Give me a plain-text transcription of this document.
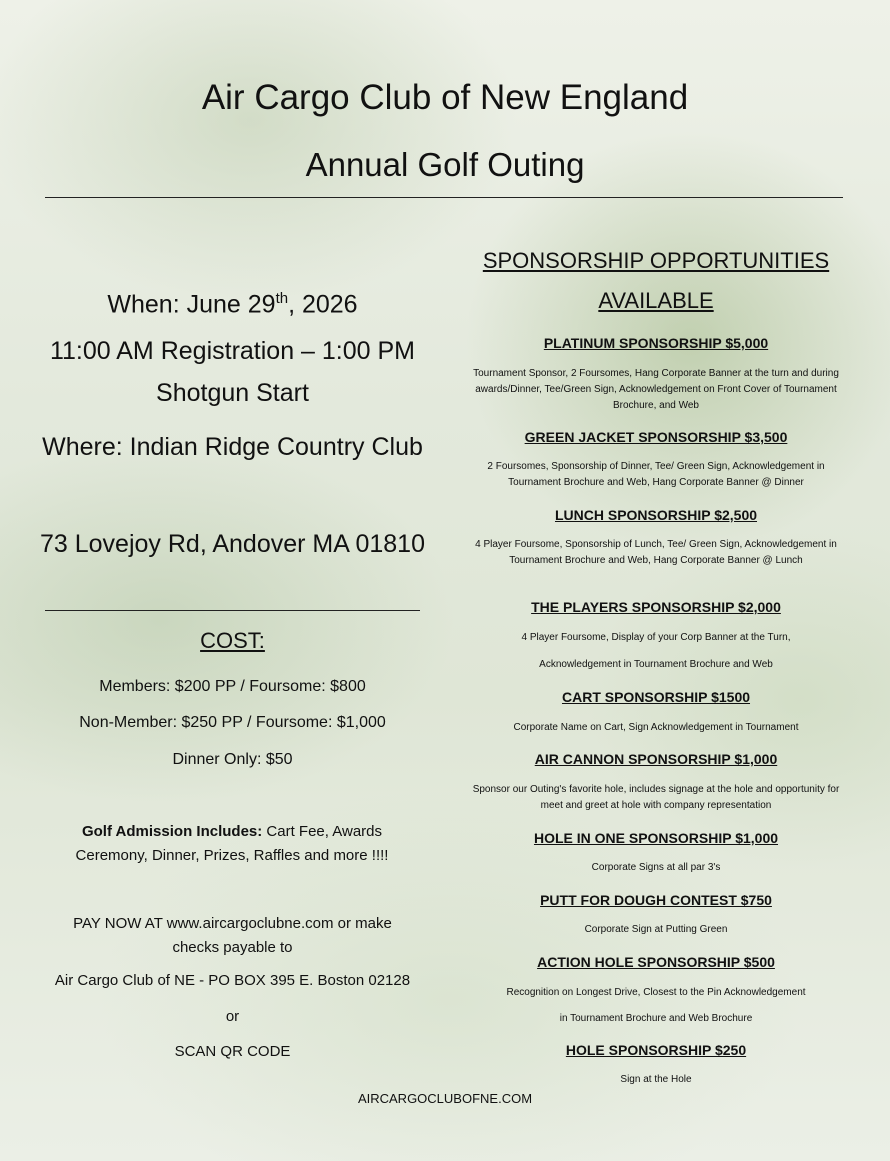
Air Cargo Club of New England
Annual Golf Outing
When: June 29th, 2026
11:00 AM Registration – 1:00 PM Shotgun Start
Where: Indian Ridge Country Club
73 Lovejoy Rd, Andover MA 01810
COST:
Members: $200 PP / Foursome: $800
Non-Member: $250 PP / Foursome: $1,000
Dinner Only: $50
Golf Admission Includes: Cart Fee, Awards Ceremony, Dinner, Prizes, Raffles and more !!!!
PAY NOW AT www.aircargoclubne.com or make checks payable to
Air Cargo Club of NE - PO BOX 395 E. Boston 02128
or
SCAN QR CODE
SPONSORSHIP OPPORTUNITIES AVAILABLE
PLATINUM SPONSORSHIP $5,000
Tournament Sponsor, 2 Foursomes, Hang Corporate Banner at the turn and during awards/Dinner, Tee/Green Sign, Acknowledgement on Front Cover of Tournament Brochure, and Web
GREEN JACKET SPONSORSHIP $3,500
2 Foursomes, Sponsorship of Dinner, Tee/ Green Sign, Acknowledgement in Tournament Brochure and Web, Hang Corporate Banner @ Dinner
LUNCH SPONSORSHIP $2,500
4 Player Foursome, Sponsorship of Lunch, Tee/ Green Sign, Acknowledgement in Tournament Brochure and Web, Hang Corporate Banner @ Lunch
THE PLAYERS SPONSORSHIP $2,000
4 Player Foursome, Display of your Corp Banner at the Turn,
Acknowledgement in Tournament Brochure and Web
CART SPONSORSHIP $1500
Corporate Name on Cart, Sign Acknowledgement in Tournament
AIR CANNON SPONSORSHIP $1,000
Sponsor our Outing's favorite hole, includes signage at the hole and opportunity for meet and greet at hole with company representation
HOLE IN ONE SPONSORSHIP $1,000
Corporate Signs at all par 3's
PUTT FOR DOUGH CONTEST $750
Corporate Sign at Putting Green
ACTION HOLE SPONSORSHIP $500
Recognition on Longest Drive, Closest to the Pin Acknowledgement
in Tournament Brochure and Web Brochure
HOLE SPONSORSHIP $250
Sign at the Hole
AIRCARGOCLUBOFNE.COM
